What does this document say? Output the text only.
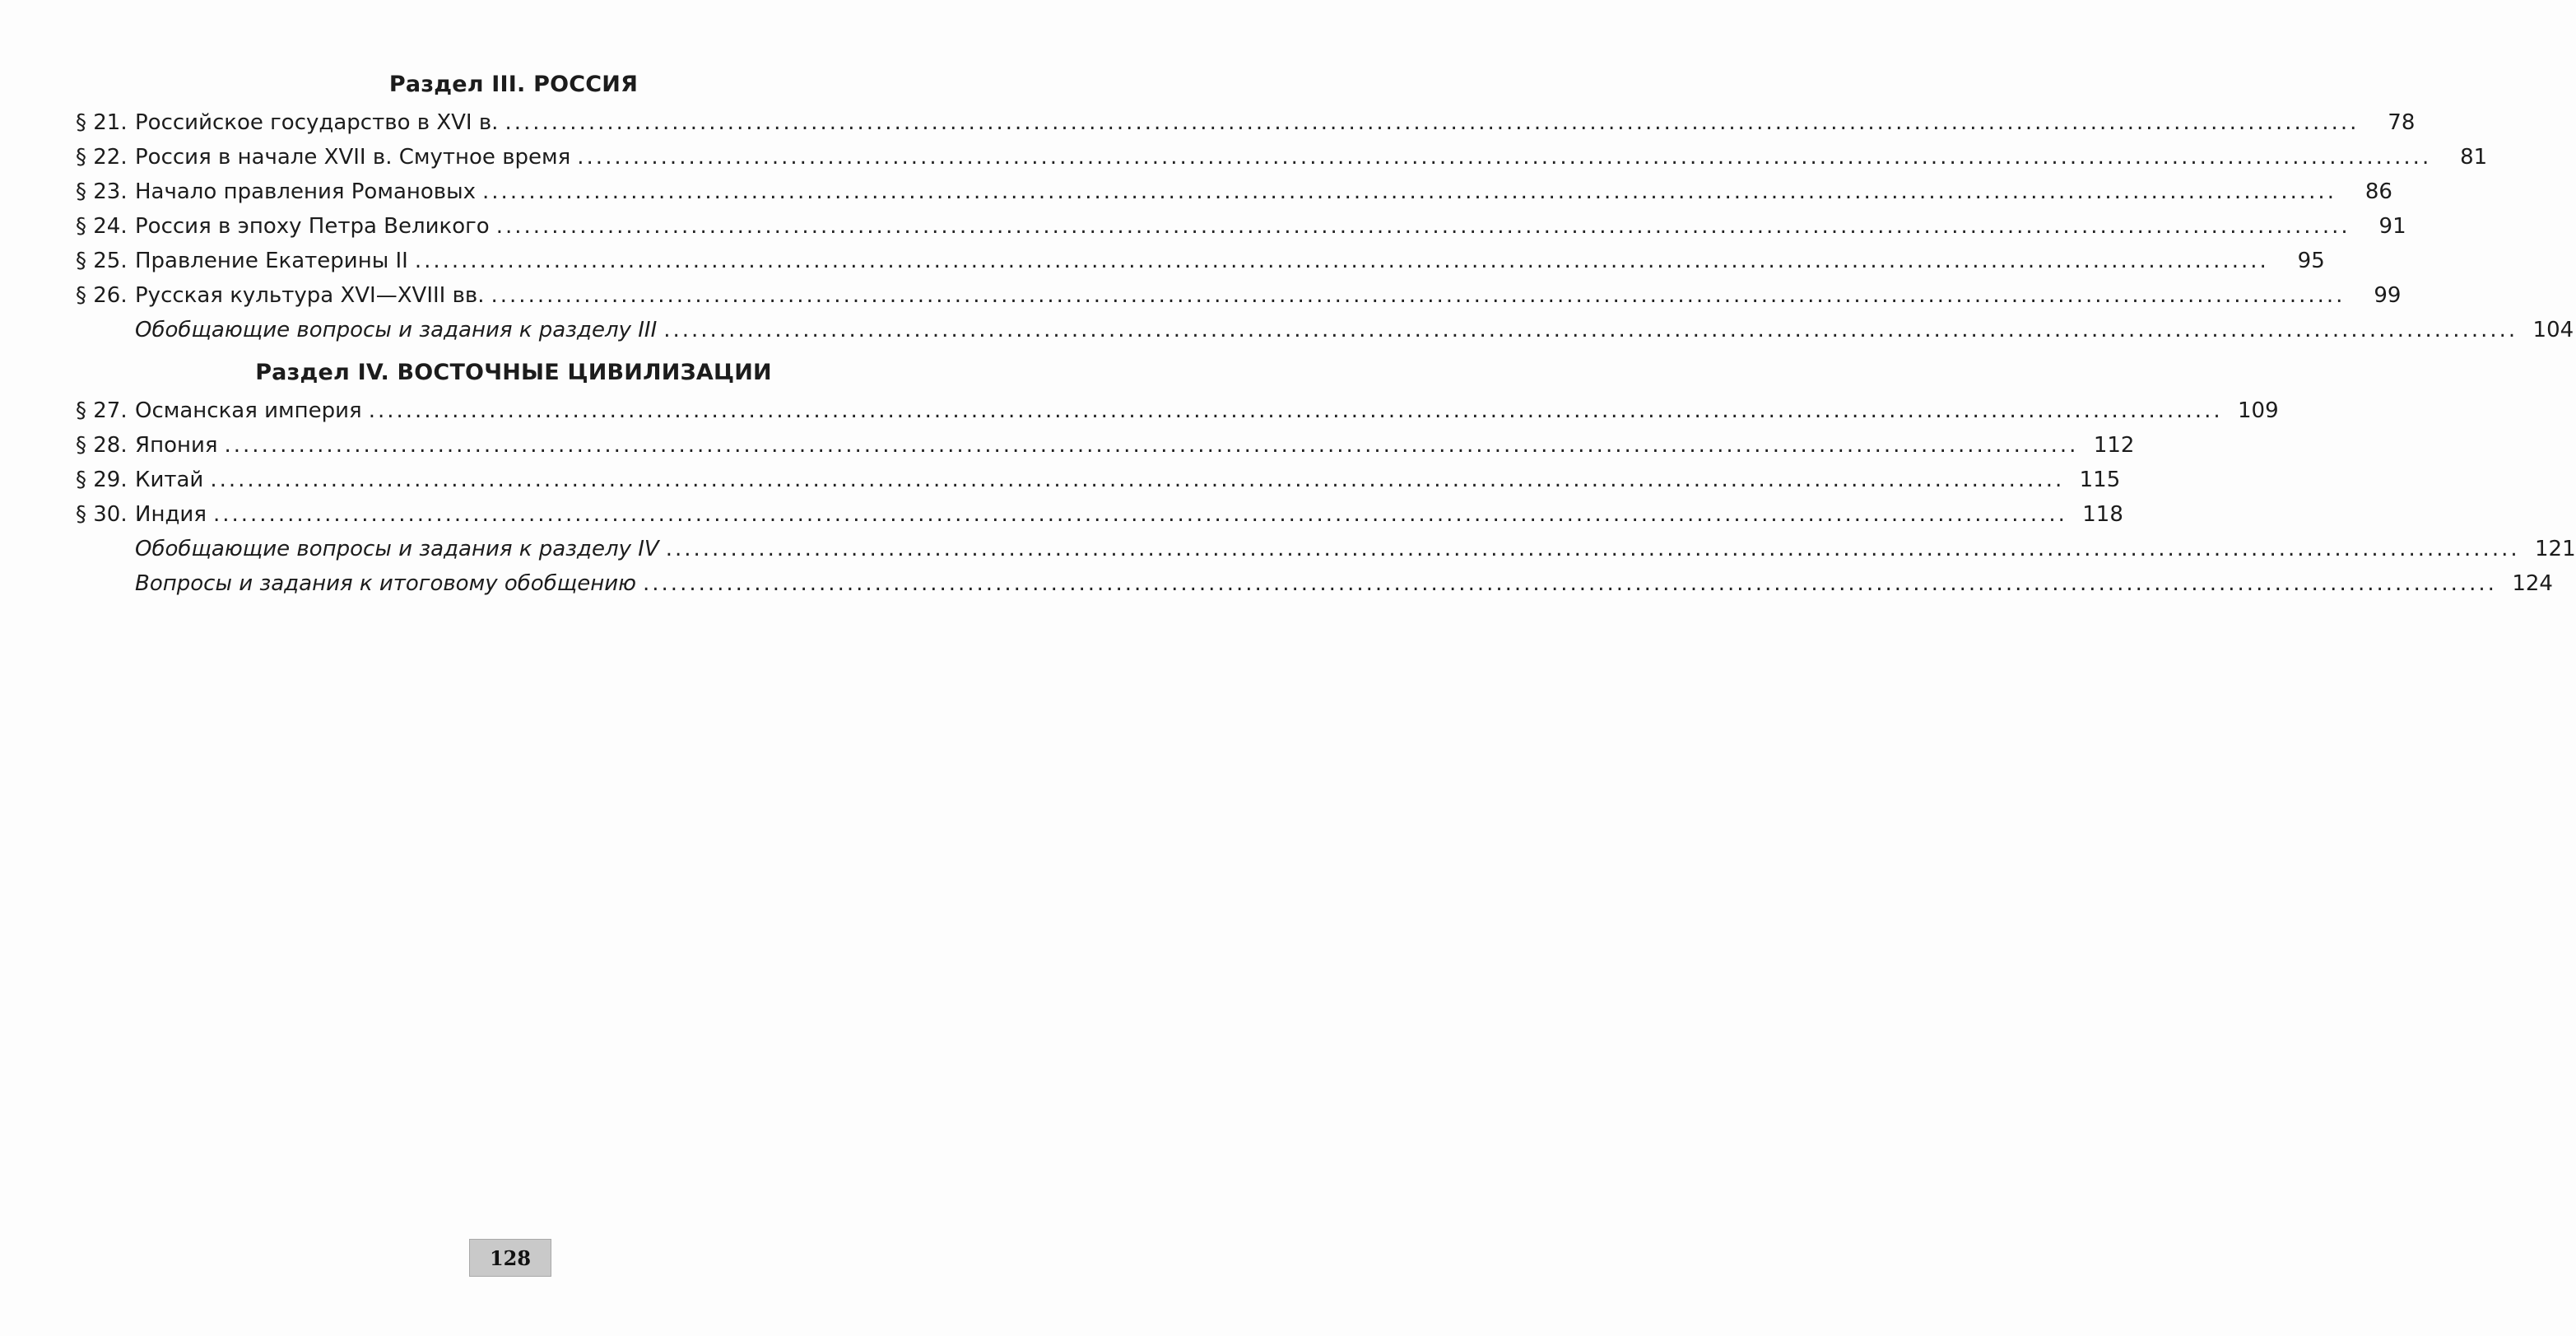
Раздел III. РОССИЯ
§ 21. Российское государство в XVI в. ........................................................................................................................................................................................................	78
§ 22. Россия в начале XVII в. Смутное время ........................................................................................................................................................................................................	81
§ 23. Начало правления Романовых ........................................................................................................................................................................................................	86
§ 24. Россия в эпоху Петра Великого ........................................................................................................................................................................................................	91
§ 25. Правление Екатерины II ........................................................................................................................................................................................................	95
§ 26. Русская культура XVI—XVIII вв. ........................................................................................................................................................................................................	99
Обобщающие вопросы и задания к разделу III ........................................................................................................................................................................................................ 104
Раздел IV. ВОСТОЧНЫЕ ЦИВИЛИЗАЦИИ
§ 27. Османская империя ........................................................................................................................................................................................................ 109
§ 28. Япония ........................................................................................................................................................................................................ 112
§ 29. Китай ........................................................................................................................................................................................................ 115
§ 30. Индия ........................................................................................................................................................................................................ 118
Обобщающие вопросы и задания к разделу IV ........................................................................................................................................................................................................ 121
Вопросы и задания к итоговому обобщению ........................................................................................................................................................................................................ 124
128
